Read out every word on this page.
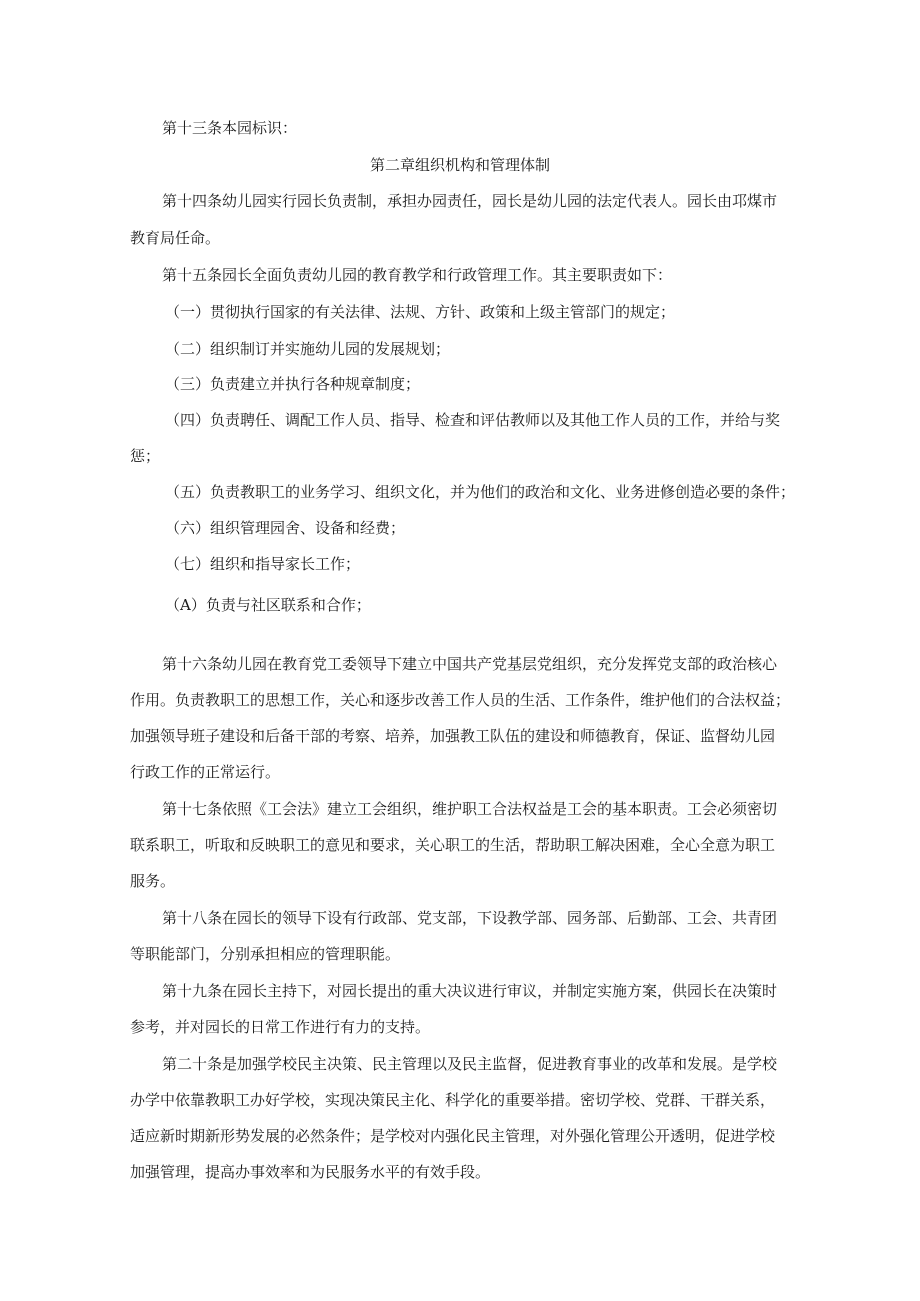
第十三条本园标识：
第二章组织机构和管理体制
第十四条幼儿园实行园长负责制，承担办园责任，园长是幼儿园的法定代表人。园长由邛煤市
教育局任命。
第十五条园长全面负责幼儿园的教育教学和行政管理工作。其主要职责如下：
（一）贯彻执行国家的有关法律、法规、方针、政策和上级主管部门的规定；
（二）组织制订并实施幼儿园的发展规划；
（三）负责建立并执行各种规章制度；
（四）负责聘任、调配工作人员、指导、检查和评估教师以及其他工作人员的工作，并给与奖
惩；
（五）负责教职工的业务学习、组织文化，并为他们的政治和文化、业务进修创造必要的条件；
（六）组织管理园舍、设备和经费；
（七）组织和指导家长工作；
（A）负责与社区联系和合作；
第十六条幼儿园在教育党工委领导下建立中国共产党基层党组织，充分发挥党支部的政治核心
作用。负责教职工的思想工作，关心和逐步改善工作人员的生活、工作条件，维护他们的合法权益；
加强领导班子建设和后备干部的考察、培养，加强教工队伍的建设和师德教育，保证、监督幼儿园
行政工作的正常运行。
第十七条依照《工会法》建立工会组织，维护职工合法权益是工会的基本职责。工会必须密切
联系职工，听取和反映职工的意见和要求，关心职工的生活，帮助职工解决困难，全心全意为职工
服务。
第十八条在园长的领导下设有行政部、党支部，下设教学部、园务部、后勤部、工会、共青团
等职能部门，分别承担相应的管理职能。
第十九条在园长主持下，对园长提出的重大决议进行审议，并制定实施方案，供园长在决策时
参考，并对园长的日常工作进行有力的支持。
第二十条是加强学校民主决策、民主管理以及民主监督，促进教育事业的改革和发展。是学校
办学中依靠教职工办好学校，实现决策民主化、科学化的重要举措。密切学校、党群、干群关系，
适应新时期新形势发展的必然条件；是学校对内强化民主管理，对外强化管理公开透明，促进学校
加强管理，提高办事效率和为民服务水平的有效手段。
